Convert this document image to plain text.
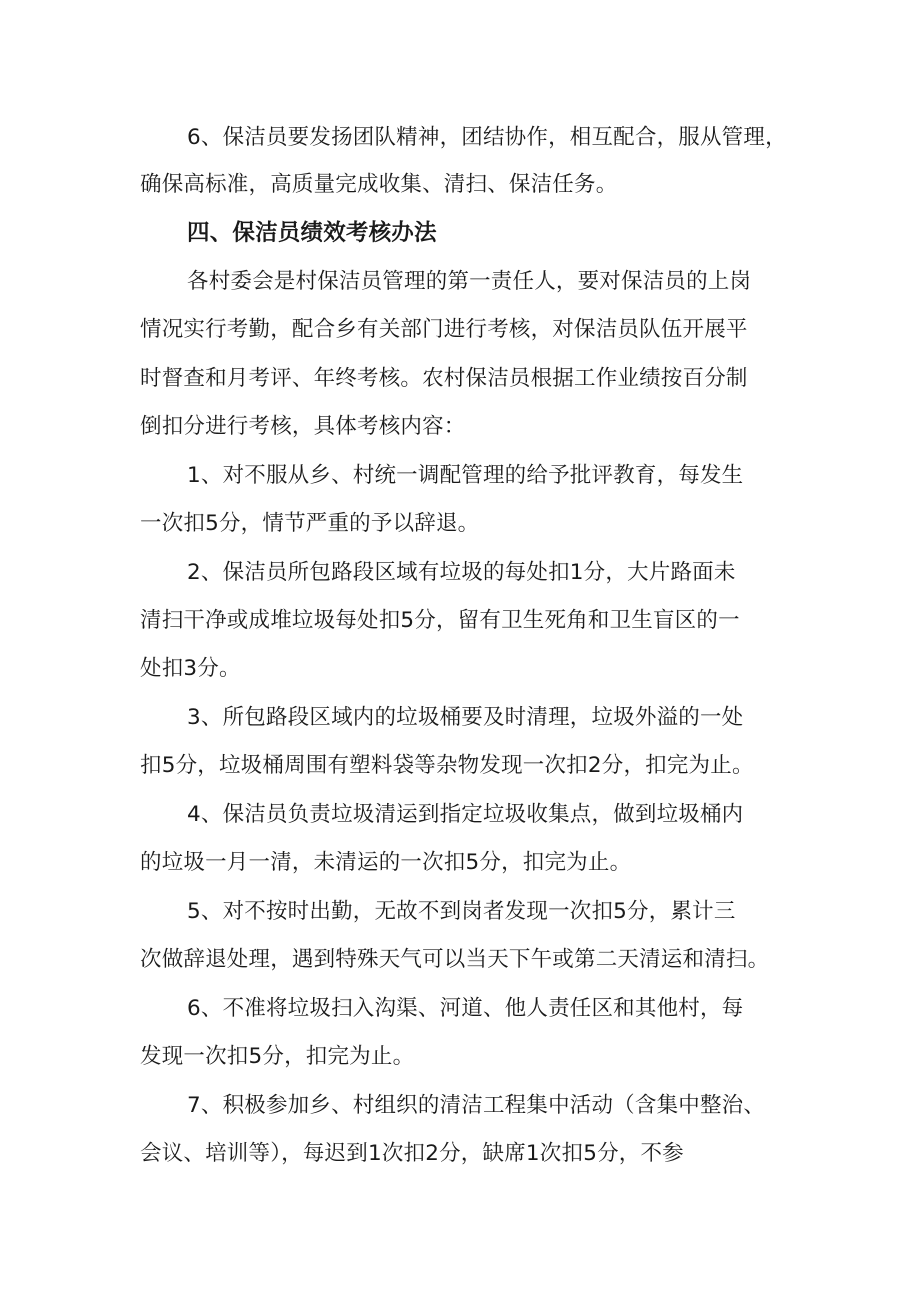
6、保洁员要发扬团队精神，团结协作，相互配合，服从管理，
确保高标准，高质量完成收集、清扫、保洁任务。
四、保洁员绩效考核办法
各村委会是村保洁员管理的第一责任人，要对保洁员的上岗
情况实行考勤，配合乡有关部门进行考核，对保洁员队伍开展平
时督查和月考评、年终考核。农村保洁员根据工作业绩按百分制
倒扣分进行考核，具体考核内容：
1、对不服从乡、村统一调配管理的给予批评教育，每发生
一次扣5分，情节严重的予以辞退。
2、保洁员所包路段区域有垃圾的每处扣1分，大片路面未
清扫干净或成堆垃圾每处扣5分，留有卫生死角和卫生盲区的一
处扣3分。
3、所包路段区域内的垃圾桶要及时清理，垃圾外溢的一处
扣5分，垃圾桶周围有塑料袋等杂物发现一次扣2分，扣完为止。
4、保洁员负责垃圾清运到指定垃圾收集点，做到垃圾桶内
的垃圾一月一清，未清运的一次扣5分，扣完为止。
5、对不按时出勤，无故不到岗者发现一次扣5分，累计三
次做辞退处理，遇到特殊天气可以当天下午或第二天清运和清扫。
6、不准将垃圾扫入沟渠、河道、他人责任区和其他村，每
发现一次扣5分，扣完为止。
7、积极参加乡、村组织的清洁工程集中活动（含集中整治、
会议、培训等），每迟到1次扣2分，缺席1次扣5分，不参
